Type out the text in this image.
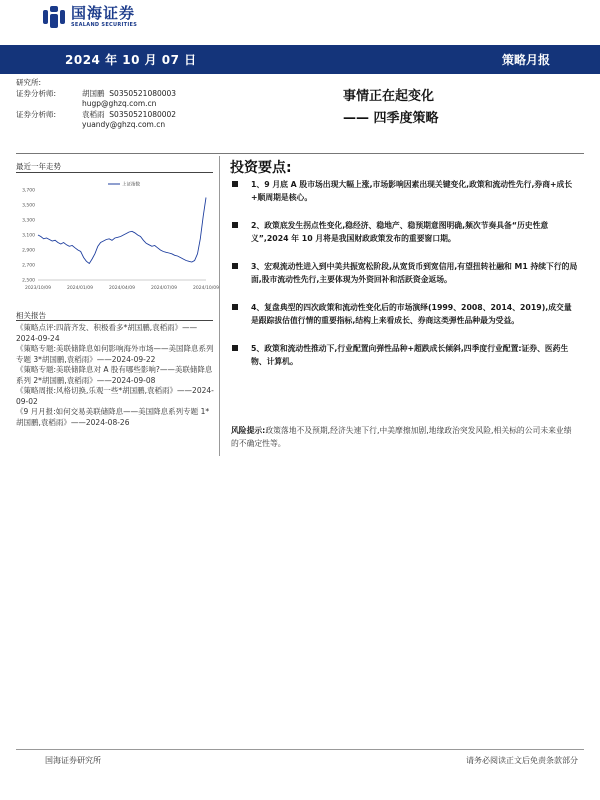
国海证券
SEALAND SECURITIES
2024 年 10 月 07 日	策略月报
研究所:
证券分析师:	胡国鹏 S0350521080003
hugp@ghzq.com.cn
证券分析师:	袁稻雨 S0350521080002
yuandy@ghzq.com.cn
事情正在起变化
—— 四季度策略
最近一年走势
3,700
3,500
3,300
3,100
2,900
2,700
2,500
2023/10/09	2024/01/09	2024/04/09	2024/07/09	2024/10/09
上证指数
相关报告
《策略点评:四箭齐发、积极看多*胡国鹏,袁稻雨》——2024-09-24
《策略专题:美联储降息如何影响海外市场——美国降息系列专题 3*胡国鹏,袁稻雨》——2024-09-22
《策略专题:美联储降息对 A 股有哪些影响?——美联储降息系列 2*胡国鹏,袁稻雨》——2024-09-08
《策略周报:风格切换,乐观一些*胡国鹏,袁稻雨》——2024-09-02
《9 月月报:如何交易美联储降息——美国降息系列专题 1*胡国鹏,袁稻雨》——2024-08-26
投资要点:
1、9 月底 A 股市场出现大幅上涨,市场影响因素出现关键变化,政策和流动性先行,券商+成长+顺周期是核心。
2、政策底发生拐点性变化,稳经济、稳地产、稳预期意图明确,频次节奏具备“历史性意义”,2024 年 10 月将是我国财政政策发布的重要窗口期。
3、宏观流动性进入到中美共振宽松阶段,从宽货币到宽信用,有望扭转社融和 M1 持续下行的局面,股市流动性先行,主要体现为外资回补和活跃资金返场。
4、复盘典型的四次政策和流动性变化后的市场演绎(1999、2008、2014、2019),成交量是跟踪拔估值行情的重要指标,结构上来看成长、券商这类弹性品种最为受益。
5、政策和流动性推动下,行业配置向弹性品种+超跌成长倾斜,四季度行业配置:证券、医药生物、计算机。
风险提示:政策落地不及预期,经济失速下行,中美摩擦加剧,地缘政治突发风险,相关标的公司未来业绩的不确定性等。
国海证券研究所	请务必阅读正文后免责条款部分
